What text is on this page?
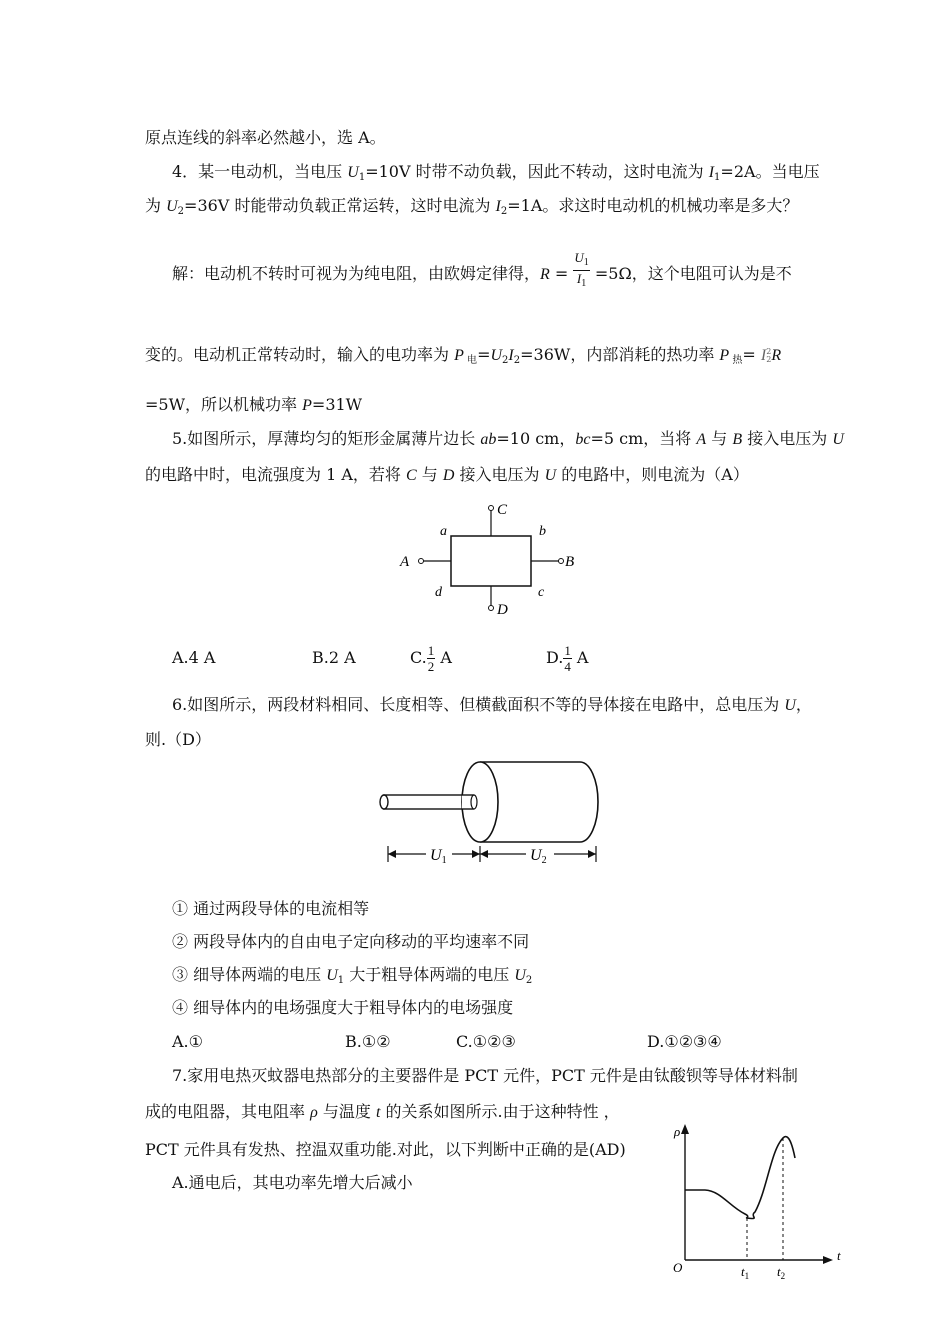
原点连线的斜率必然越小，选 A。
4．某一电动机，当电压 $U_1=10V$ 时带不动负载，因此不转动，这时电流为 $I_1=2A$。当电压
为 $U_2=36V$ 时能带动负载正常运转，这时电流为 $I_2=1A$。求这时电动机的机械功率是多大？
解：电动机不转时可视为为纯电阻，由欧姆定律得，$R = \frac{U_1}{I_1} =5\Omega$，这个电阻可认为是不
变的。电动机正常转动时，输入的电功率为 P $_电=U_2I_2=36W$，内部消耗的热功率 P $_热$= I 2
2 R
=5W，所以机械功率 P=31W
5.如图所示，厚薄均匀的矩形金属薄片边长 ab=10 cm，bc=5 cm，当将 A 与 B 接入电压为 U
的电路中时，电流强度为 1 A，若将 C 与 D 接入电压为 U 的电路中，则电流为（A）
a	b
c
d
A	B
C
D
A.4 A	B.2 A	C. $\frac{1}{2}$ A	D. $\frac{1}{4}$ A
6.如图所示，两段材料相同、长度相等、但横截面积不等的导体接在电路中，总电压为 U，
则.（D）
U1	U2
① 通过两段导体的电流相等
② 两段导体内的自由电子定向移动的平均速率不同
③ 细导体两端的电压 $U_1$ 大于粗导体两端的电压 $U_2$
④ 细导体内的电场强度大于粗导体内的电场强度
A.①	B.①②	C.①②③	D.①②③④
7.家用电热灭蚊器电热部分的主要器件是 PCT 元件，PCT 元件是由钛酸钡等导体材料制
成的电阻器，其电阻率 ρ 与温度 t 的关系如图所示.由于这种特性 ，
PCT 元件具有发热、控温双重功能.对此，以下判断中正确的是(AD)
A.通电后，其电功率先增大后减小
ρ
t
O	$t_1$ $t_2$
